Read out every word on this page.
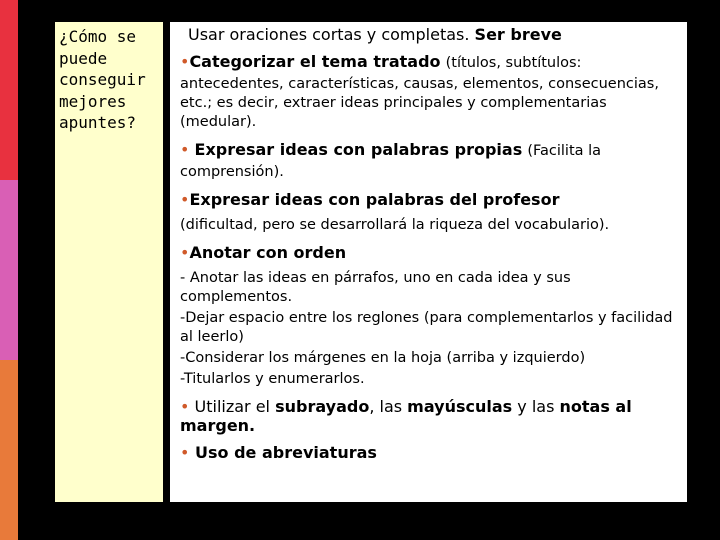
¿Cómo se
puede
conseguir
mejores
apuntes?
Usar oraciones cortas y completas. Ser breve
•Categorizar el tema tratado (títulos, subtítulos:
antecedentes, características, causas, elementos, consecuencias, etc.; es decir, extraer ideas principales y complementarias (medular).
• Expresar ideas con palabras propias (Facilita la
comprensión).
•Expresar ideas con palabras del profesor
(dificultad, pero se desarrollará la riqueza del vocabulario).
•Anotar con orden
- Anotar las ideas en párrafos, uno en cada idea y sus complementos.
-Dejar espacio entre los reglones (para complementarlos y facilidad al leerlo)
-Considerar los márgenes en la hoja (arriba y izquierdo)
-Titularlos y enumerarlos.
• Utilizar el subrayado, las mayúsculas y las notas al margen.
• Uso de abreviaturas
